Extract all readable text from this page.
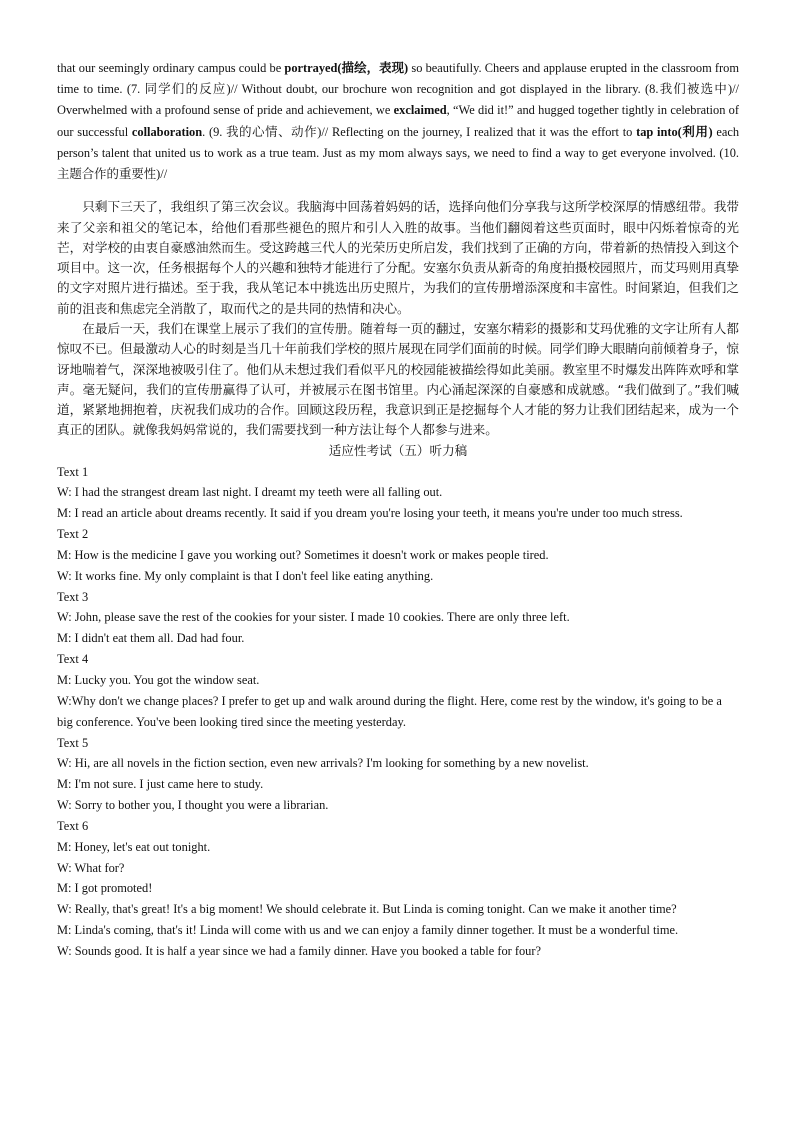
that our seemingly ordinary campus could be portrayed(描绘，表现) so beautifully. Cheers and applause erupted in the classroom from time to time. (7. 同学们的反应)// Without doubt, our brochure won recognition and got displayed in the library. (8.我们被选中)// Overwhelmed with a profound sense of pride and achievement, we exclaimed, “We did it!” and hugged together tightly in celebration of our successful collaboration. (9. 我的心情、动作)// Reflecting on the journey, I realized that it was the effort to tap into(利用) each person’s talent that united us to work as a true team. Just as my mom always says, we need to find a way to get everyone involved. (10. 主题合作的重要性)//

只剩下三天了，我组织了第三次会议。我脑海中回荡着妈妈的话，选择向他们分享我与这所学校深厚的情感纽带。我带来了父亲和祖父的笔记本，给他们看那些褪色的照片和引人入胜的故事。当他们翻阅着这些页面时，眼中闪烁着惊奇的光芒，对学校的由衷自豪感油然而生。受这跨越三代人的光荣历史所启发，我们找到了正确的方向，带着新的热情投入到这个项目中。这一次，任务根据每个人的兴趣和独特才能进行了分配。安塞尔负责从新奇的角度拍摄校园照片，而艾玛则用真挚的文字对照片进行描述。至于我，我从笔记本中挑选出历史照片，为我们的宣传册增添深度和丰富性。时间紧迫，但我们之前的沮丧和焦虑完全消散了，取而代之的是共同的热情和决心。

在最后一天，我们在课堂上展示了我们的宣传册。随着每一页的翻过，安塞尔精彩的摄影和艾玛优雅的文字让所有人都惊叹不已。但最激动人心的时刻是当几十年前我们学校的照片展现在同学们面前的时候。同学们睁大眼睛向前倾着身子，惊讶地喘着气，深深地被吸引住了。他们从未想过我们看似平凡的校园能被描绘得如此美丽。教室里不时爆发出阵阵欢呼和掌声。毫无疑问，我们的宣传册赢得了认可，并被展示在图书馆里。内心涌起深深的自豪感和成就感。“我们做到了。”我们喊道，紧紧地拥抱着，庆祝我们成功的合作。回顾这段历程，我意识到正是挖掘每个人才能的努力让我们团结起来，成为一个真正的团队。就像我妈妈常说的，我们需要找到一种方法让每个人都参与进来。

适应性考试（五）听力稿

Text 1

W: I had the strangest dream last night. I dreamt my teeth were all falling out.

M: I read an article about dreams recently. It said if you dream you're losing your teeth, it means you're under too much stress.

Text 2

M: How is the medicine I gave you working out? Sometimes it doesn't work or makes people tired.

W: It works fine. My only complaint is that I don't feel like eating anything.

Text 3

W: John, please save the rest of the cookies for your sister. I made 10 cookies. There are only three left.

M: I didn't eat them all. Dad had four.

Text 4

M: Lucky you. You got the window seat.

W:Why don't we change places? I prefer to get up and walk around during the flight. Here, come rest by the window, it's going to be a big conference. You've been looking tired since the meeting yesterday.

Text 5

W: Hi, are all novels in the fiction section, even new arrivals? I'm looking for something by a new novelist.

M: I'm not sure. I just came here to study.

W: Sorry to bother you, I thought you were a librarian.

Text 6

M: Honey, let's eat out tonight.

W: What for?

M: I got promoted!

W: Really, that's great! It's a big moment! We should celebrate it. But Linda is coming tonight. Can we make it another time?

M: Linda's coming, that's it! Linda will come with us and we can enjoy a family dinner together. It must be a wonderful time.

W: Sounds good. It is half a year since we had a family dinner. Have you booked a table for four?
